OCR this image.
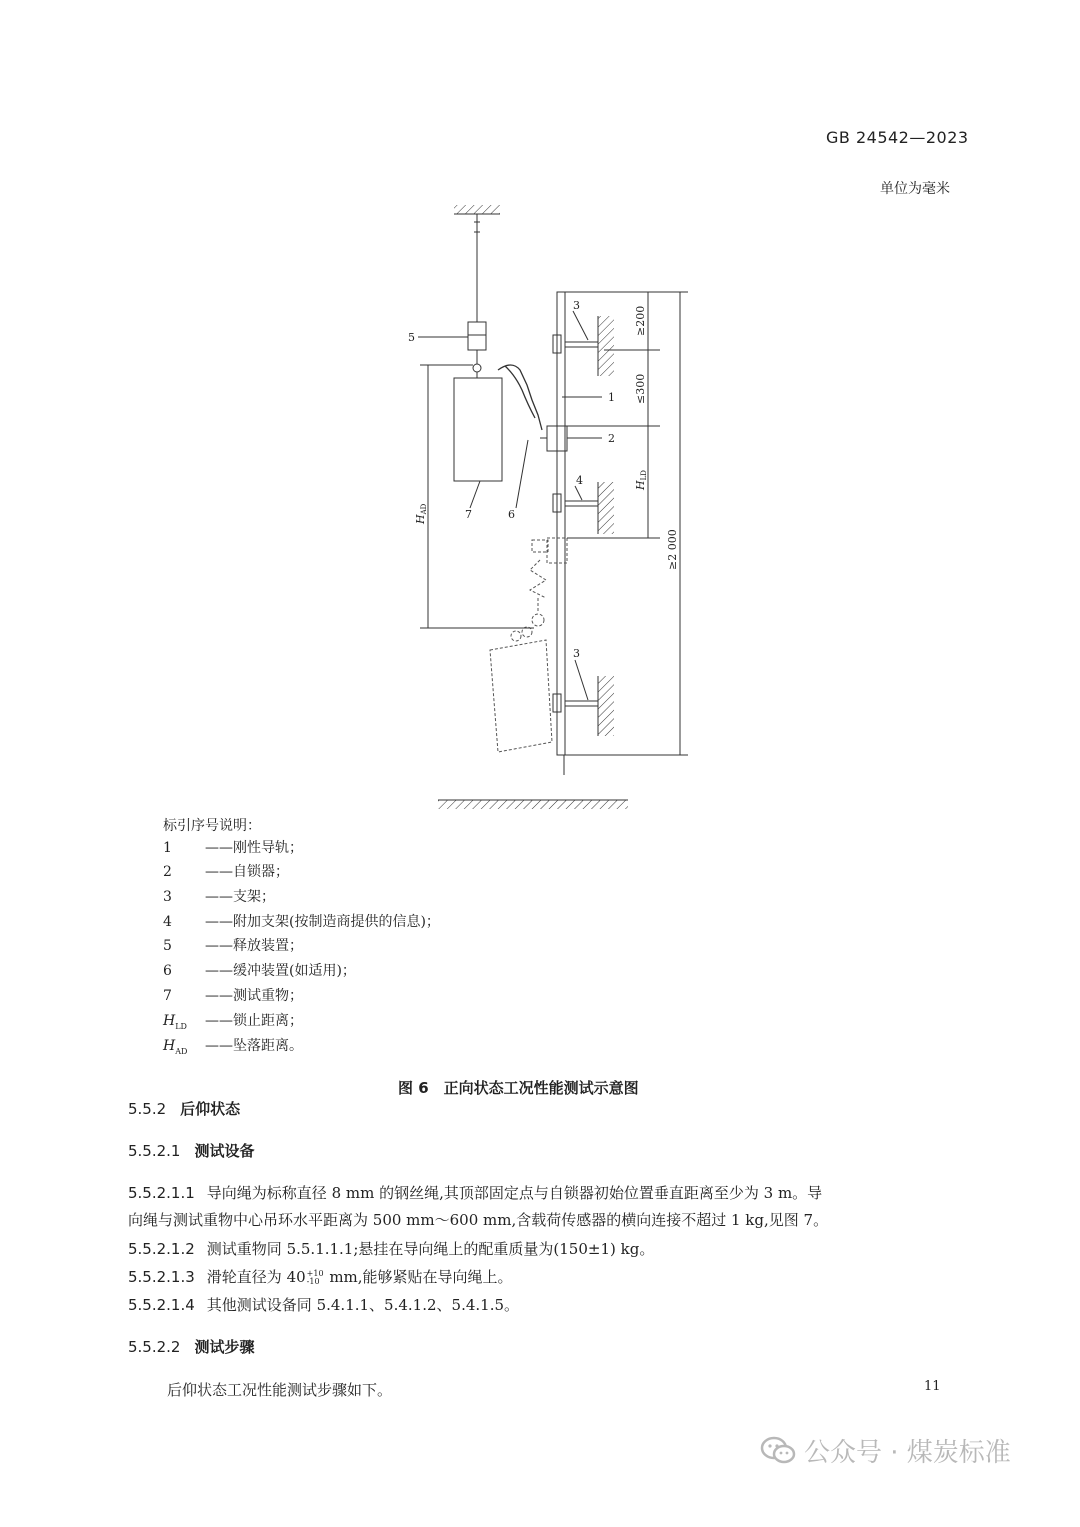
GB 24542—2023
单位为毫米
5
3
1
2
4
3
7	6
≥200
≤300
≥2 000
HLD
HAD
标引序号说明：
1 ——刚性导轨；
2 ——自锁器；
3 ——支架；
4 ——附加支架(按制造商提供的信息)；
5 ——释放装置；
6 ——缓冲装置(如适用)；
7 ——测试重物；
$H_{LD}$ ——锁止距离；
$H_{AD}$ ——坠落距离。
图 6　正向状态工况性能测试示意图
5.5.2 后仰状态
5.5.2.1 测试设备
5.5.2.1.1 导向绳为标称直径 8 mm 的钢丝绳,其顶部固定点与自锁器初始位置垂直距离至少为 3 m。导
向绳与测试重物中心吊环水平距离为 500 mm～600 mm,含载荷传感器的横向连接不超过 1 kg,见图 7。
5.5.2.1.2 测试重物同 5.5.1.1.1;悬挂在导向绳上的配重质量为(150±1) kg。
5.5.2.1.3 滑轮直径为 40 +10
-10 mm,能够紧贴在导向绳上。
5.5.2.1.4 其他测试设备同 5.4.1.1、5.4.1.2、5.4.1.5。
5.5.2.2 测试步骤
后仰状态工况性能测试步骤如下。	11
公众号 · 煤炭标准
